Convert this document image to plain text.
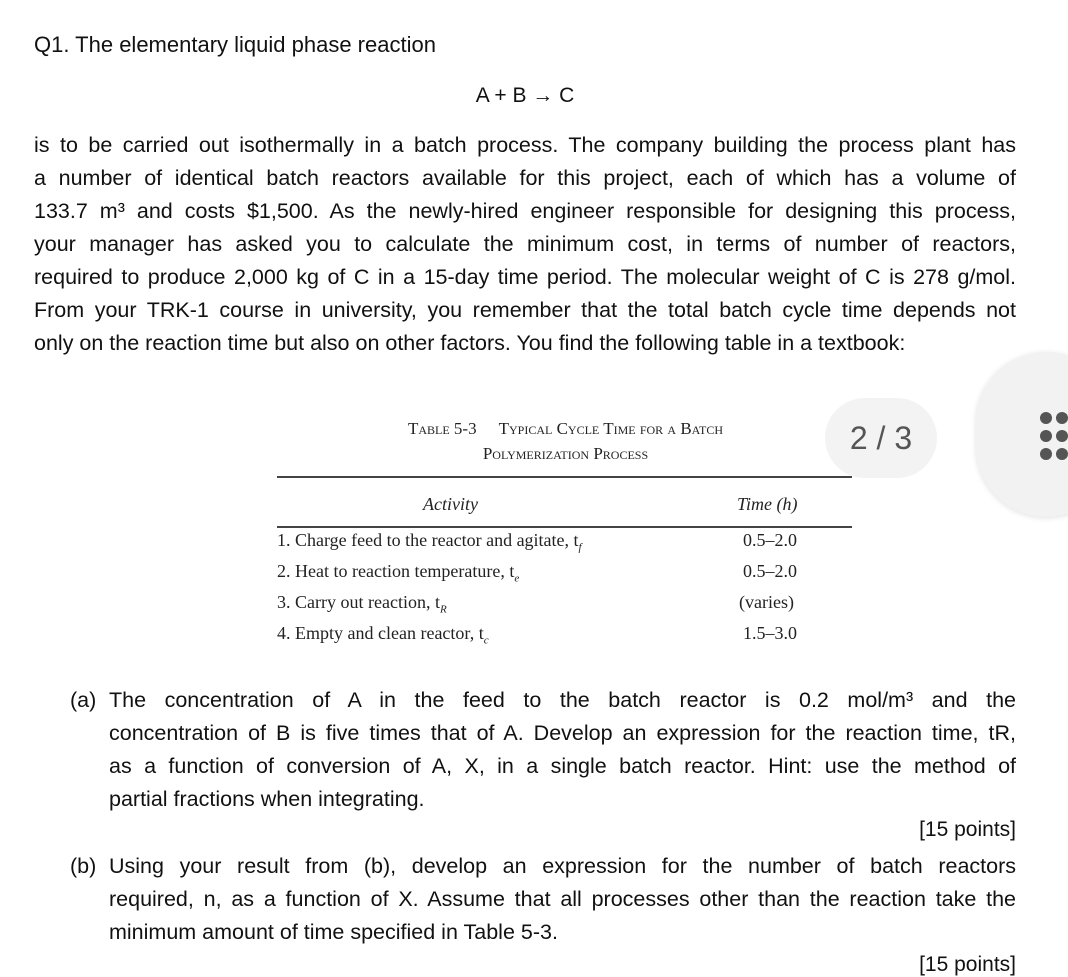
Q1. The elementary liquid phase reaction
A + B → C
is to be carried out isothermally in a batch process. The company building the process plant has
a number of identical batch reactors available for this project, each of which has a volume of
133.7 m³ and costs $1,500. As the newly-hired engineer responsible for designing this process,
your manager has asked you to calculate the minimum cost, in terms of number of reactors,
required to produce 2,000 kg of C in a 15-day time period. The molecular weight of C is 278 g/mol.
From your TRK-1 course in university, you remember that the total batch cycle time depends not
only on the reaction time but also on other factors. You find the following table in a textbook:
Table 5-3 Typical Cycle Time for a Batch
Polymerization Process
Activity	Time (h)
1. Charge feed to the reactor and agitate, $t_f$	0.5–2.0
2. Heat to reaction temperature, $t_e$	0.5–2.0
3. Carry out reaction, $t_R$	(varies)
4. Empty and clean reactor, $t_c$	1.5–3.0
2 / 3
(a) The concentration of A in the feed to the batch reactor is 0.2 mol/m³ and the
concentration of B is five times that of A. Develop an expression for the reaction time, tR,
as a function of conversion of A, X, in a single batch reactor. Hint: use the method of
partial fractions when integrating.
[15 points]
(b) Using your result from (b), develop an expression for the number of batch reactors
required, n, as a function of X. Assume that all processes other than the reaction take the
minimum amount of time specified in Table 5-3.
[15 points]
